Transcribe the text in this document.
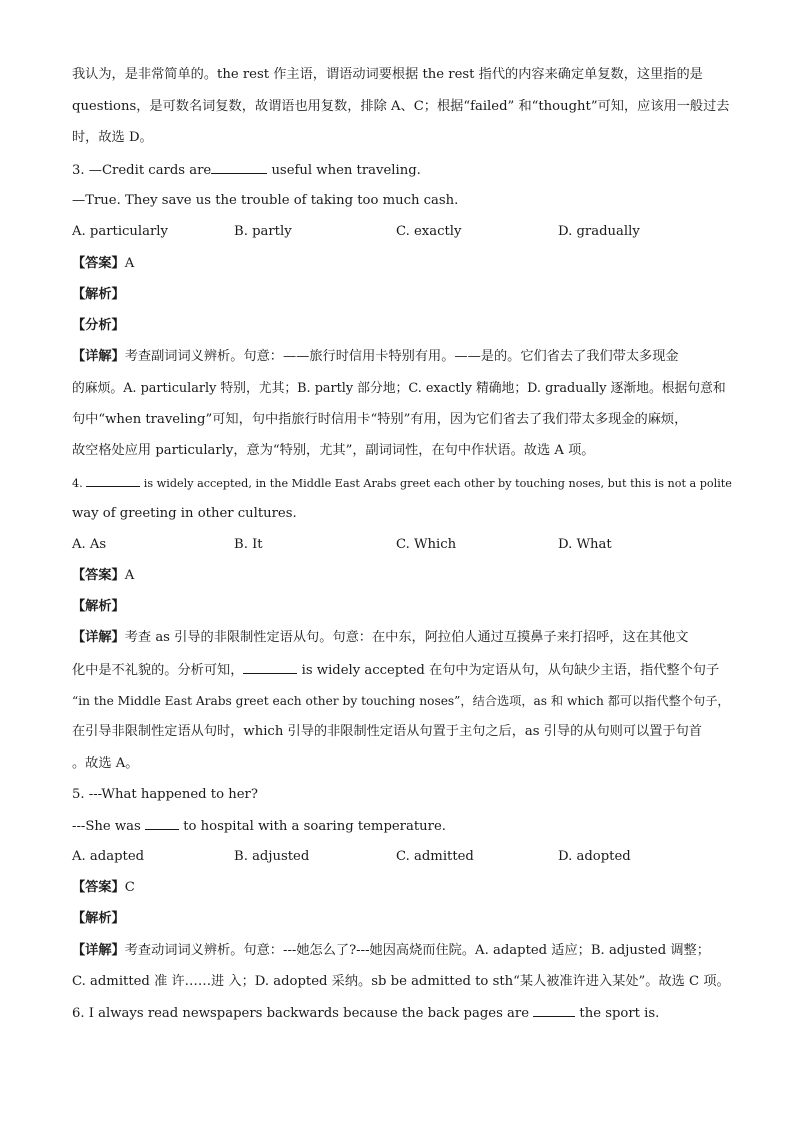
我认为，是非常简单的。the rest 作主语，谓语动词要根据 the rest 指代的内容来确定单复数，这里指的是
questions，是可数名词复数，故谓语也用复数，排除 A、C；根据“failed” 和“thought”可知，应该用一般过去
时，故选 D。
3. —Credit cards are	useful when traveling.
—True. They save us the trouble of taking too much cash.
A. particularly	B. partly	C. exactly	D. gradually
【答案】A
【解析】
【分析】
【详解】考查副词词义辨析。句意：——旅行时信用卡特别有用。——是的。它们省去了我们带太多现金
的麻烦。A. particularly 特别，尤其；B. partly 部分地；C. exactly 精确地；D. gradually 逐渐地。根据句意和
句中“when traveling”可知，句中指旅行时信用卡“特别”有用，因为它们省去了我们带太多现金的麻烦，
故空格处应用 particularly，意为“特别，尤其”，副词词性，在句中作状语。故选 A 项。
4.	is widely accepted, in the Middle East Arabs greet each other by touching noses, but this is not a polite
way of greeting in other cultures.
A. As	B. It	C. Which	D. What
【答案】A
【解析】
【详解】考查 as 引导的非限制性定语从句。句意：在中东，阿拉伯人通过互摸鼻子来打招呼，这在其他文
化中是不礼貌的。分析可知，	is widely accepted 在句中为定语从句，从句缺少主语，指代整个句子
“in the Middle East Arabs greet each other by touching noses”，结合选项，as 和 which 都可以指代整个句子，
在引导非限制性定语从句时，which 引导的非限制性定语从句置于主句之后，as 引导的从句则可以置于句首
。故选 A。
5. ---What happened to her?
---She was	to hospital with a soaring temperature.
A. adapted	B. adjusted	C. admitted	D. adopted
【答案】C
【解析】
【详解】考查动词词义辨析。句意：---她怎么了?---她因高烧而住院。A. adapted 适应；B. adjusted 调整；
C. admitted 准 许……进 入；D. adopted 采纳。sb be admitted to sth“某人被准许进入某处”。故选 C 项。
6. I always read newspapers backwards because the back pages are	the sport is.
